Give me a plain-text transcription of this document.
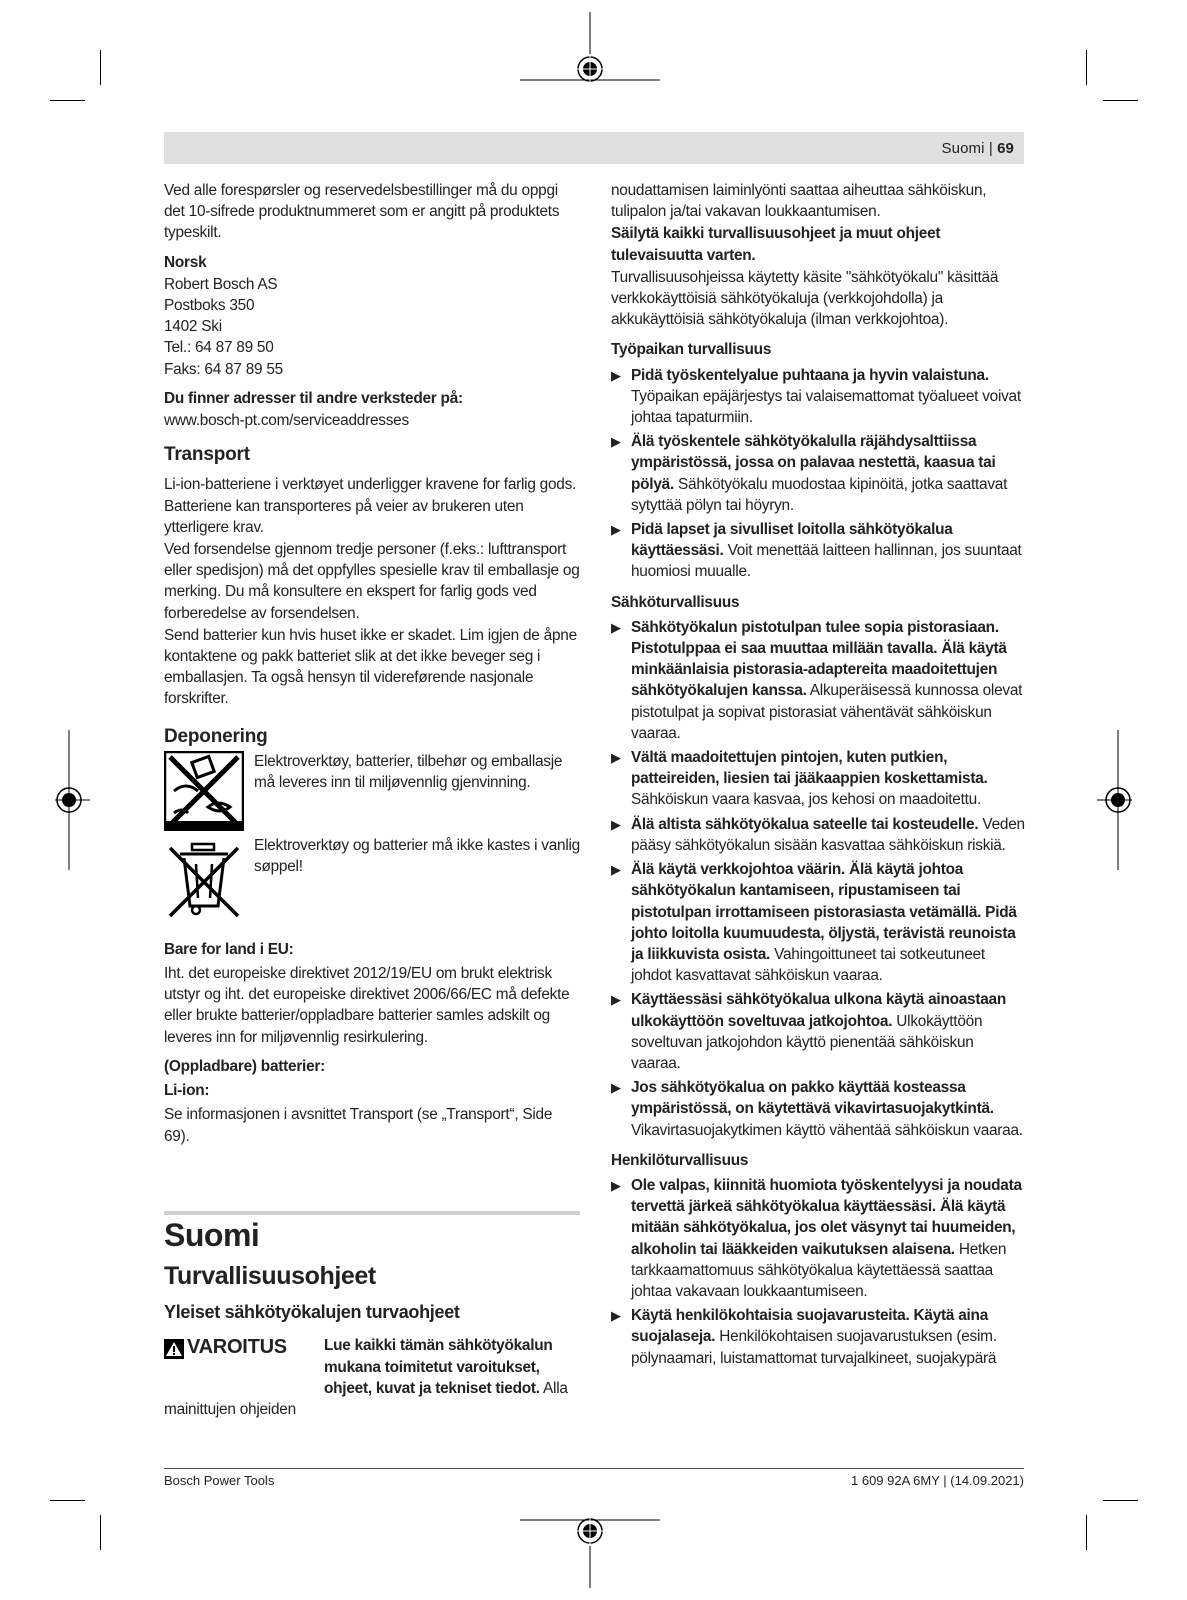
Suomi | 69

Ved alle forespørsler og reservedelsbestillinger må du oppgi det 10-sifrede produktnummeret som er angitt på produktets typeskilt.

Norsk

Robert Bosch AS
Postboks 350
1402 Ski
Tel.: 64 87 89 50
Faks: 64 87 89 55

Du finner adresser til andre verksteder på:

www.bosch-pt.com/serviceaddresses

Transport

Li-ion-batteriene i verktøyet underligger kravene for farlig gods. Batteriene kan transporteres på veier av brukeren uten ytterligere krav.

Ved forsendelse gjennom tredje personer (f.eks.: lufttransport eller spedisjon) må det oppfylles spesielle krav til emballasje og merking. Du må konsultere en ekspert for farlig gods ved forberedelse av forsendelsen.

Send batterier kun hvis huset ikke er skadet. Lim igjen de åpne kontaktene og pakk batteriet slik at det ikke beveger seg i emballasjen. Ta også hensyn til videreførende nasjonale forskrifter.

Deponering
Elektroverktøy, batterier, tilbehør og emballasje må leveres inn til miljøvennlig gjenvinning.
Elektroverktøy og batterier må ikke kastes i vanlig søppel!

Bare for land i EU:

Iht. det europeiske direktivet 2012/19/EU om brukt elektrisk utstyr og iht. det europeiske direktivet 2006/66/EC må defekte eller brukte batterier/oppladbare batterier samles adskilt og leveres inn for miljøvennlig resirkulering.

(Oppladbare) batterier:

Li-ion:

Se informasjonen i avsnittet Transport (se „Transport“, Side 69).

Suomi
Turvallisuusohjeet
Yleiset sähkötyökalujen turvaohjeet
VAROITUS Lue kaikki tämän sähkötyökalun mukana toimitetut varoitukset, ohjeet, kuvat ja tekniset tiedot. Alla mainittujen ohjeiden

noudattamisen laiminlyönti saattaa aiheuttaa sähköiskun, tulipalon ja/tai vakavan loukkaantumisen.

Säilytä kaikki turvallisuusohjeet ja muut ohjeet tulevaisuutta varten.

Turvallisuusohjeissa käytetty käsite "sähkötyökalu" käsittää verkkokäyttöisiä sähkötyökaluja (verkkojohdolla) ja akkukäyttöisiä sähkötyökaluja (ilman verkkojohtoa).

Työpaikan turvallisuus
▶ Pidä työskentelyalue puhtaana ja hyvin valaistuna. Työpaikan epäjärjestys tai valaisemattomat työalueet voivat johtaa tapaturmiin.
▶ Älä työskentele sähkötyökalulla räjähdysalttiissa ympäristössä, jossa on palavaa nestettä, kaasua tai pölyä. Sähkötyökalu muodostaa kipinöitä, jotka saattavat sytyttää pölyn tai höyryn.
▶ Pidä lapset ja sivulliset loitolla sähkötyökalua käyttäessäsi. Voit menettää laitteen hallinnan, jos suuntaat huomiosi muualle.
Sähköturvallisuus
▶ Sähkötyökalun pistotulpan tulee sopia pistorasiaan. Pistotulppaa ei saa muuttaa millään tavalla. Älä käytä minkäänlaisia pistorasia-adaptereita maadoitettujen sähkötyökalujen kanssa. Alkuperäisessä kunnossa olevat pistotulpat ja sopivat pistorasiat vähentävät sähköiskun vaaraa.
▶ Vältä maadoitettujen pintojen, kuten putkien, patteireiden, liesien tai jääkaappien koskettamista. Sähköiskun vaara kasvaa, jos kehosi on maadoitettu.
▶ Älä altista sähkötyökalua sateelle tai kosteudelle. Veden pääsy sähkötyökalun sisään kasvattaa sähköiskun riskiä.
▶ Älä käytä verkkojohtoa väärin. Älä käytä johtoa sähkötyökalun kantamiseen, ripustamiseen tai pistotulpan irrottamiseen pistorasiasta vetämällä. Pidä johto loitolla kuumuudesta, öljystä, terävistä reunoista ja liikkuvista osista. Vahingoittuneet tai sotkeutuneet johdot kasvattavat sähköiskun vaaraa.
▶ Käyttäessäsi sähkötyökalua ulkona käytä ainoastaan ulkokäyttöön soveltuvaa jatkojohtoa. Ulkokäyttöön soveltuvan jatkojohdon käyttö pienentää sähköiskun vaaraa.
▶ Jos sähkötyökalua on pakko käyttää kosteassa ympäristössä, on käytettävä vikavirtasuojakytkintä. Vikavirtasuojakytkimen käyttö vähentää sähköiskun vaaraa.
Henkilöturvallisuus
▶ Ole valpas, kiinnitä huomiota työskentelyysi ja noudata tervettä järkeä sähkötyökalua käyttäessäsi. Älä käytä mitään sähkötyökalua, jos olet väsynyt tai huumeiden, alkoholin tai lääkkeiden vaikutuksen alaisena. Hetken tarkkaamattomuus sähkötyökalua käytettäessä saattaa johtaa vakavaan loukkaantumiseen.
▶ Käytä henkilökohtaisia suojavarusteita. Käytä aina suojalaseja. Henkilökohtaisen suojavarustuksen (esim. pölynaamari, luistamattomat turvajalkineet, suojakypärä
Bosch Power Tools	1 609 92A 6MY | (14.09.2021)
